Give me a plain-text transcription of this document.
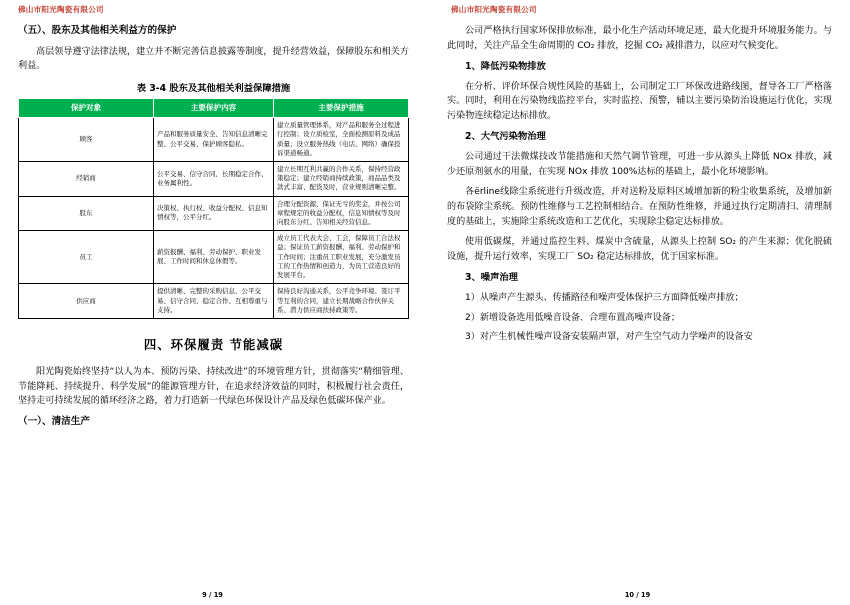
佛山市阳光陶瓷有限公司
（五）、股东及其他相关利益方的保护
高层领导遵守法律法规，建立并不断完善信息披露等制度，提升经营效益，保障股东和相关方利益。
表 3-4 股东及其他相关利益保障措施
保护对象	主要保护内容	主要保护措施
顾客	产品和服务质量安全、告知信息清晰完整、公平交易、保护顾客隐私。	建立质量管理体系，对产品和服务全过程进行控制；设立质检室，全面检测原料及成品质量；设立服务热线（电话、网络）确保投诉渠道畅通。
经销商	公平交易、信守合同、长期稳定合作、业务属利性。	建立长期互利共赢的合作关系，保持经营政策稳定；建立经销商持续政策，商品品类及款式丰富、配货及时，营业规则清晰完整。
股东	决策权、执行权、收益分配权、信息知情权等，公平分红。	合理分配资源、保证无亏的奖金，并按公司章程规定的收益分配权，信息知情权等及时向股东分红、告知相关经营信息。
员工	薪资报酬、福利、劳动保护、职业发展、工作时间和休息休假等。	成立员工代表大会、工会，保障员工合法权益；保证员工薪资报酬、福利、劳动保护和工作时间；注重员工职业发展，充分激发员工的工作热情和创造力，为员工营造良好的发展平台。
供应商	提供清晰、完整的采购信息、公平交易、信守合同、稳定合作、互相尊重与支持。	保持良好沟通关系，公平竞争环境、签订平等互利的合同，建立长期战略合作伙伴关系、潜力供应商扶持政策等。
四、环保履责 节能减碳
阳光陶瓷始终坚持“以人为本、预防污染、持续改进”的环境管理方针，贯彻落实“精细管理、节能降耗、持续提升、科学发展”的能源管理方针，在追求经济效益的同时，积极履行社会责任，坚持走可持续发展的循环经济之路，着力打造新一代绿色环保设计产品及绿色低碳环保产业。
（一）、清洁生产
9 / 19
佛山市阳光陶瓷有限公司
公司严格执行国家环保排放标准，最小化生产活动环境足迹，最大化提升环境服务能力。与此同时，关注产品全生命周期的 CO₂ 排放，挖掘 CO₂ 减排潜力，以应对气候变化。
1、降低污染物排放
在分析、评价环保合规性风险的基础上，公司制定工厂环保改进路线图，督导各工厂严格落实。同时，利用在污染物线监控平台，实时监控、预警，辅以主要污染防治设施运行优化，实现污染物连续稳定达标排放。
2、大气污染物治理
公司通过干法微煤技改节能措施和天然气调节管理，可进一步从源头上降低 NOx 排放，减少还原剂氨水的用量，在实现 NOx 排放 100%达标的基础上，最小化环境影响。
各ërline线除尘系统进行升级改造，并对送粉及原料区域增加新的粉尘收集系统，及增加新的布袋除尘系统。预防性维修与工艺控制相结合。在预防性维修，并通过执行定期清扫、清理制度的基础上，实施除尘系统改造和工艺优化，实现除尘稳定达标排放。
使用低碳煤，并通过监控生料、煤炭中含硫量，从源头上控制 SO₂ 的产生来源；优化脱硫设施，提升运行效率，实现工厂 SO₂ 稳定达标排放，优于国家标准。
3、噪声治理
1）从噪声产生源头、传播路径和噪声受体保护三方面降低噪声排放；
2）新增设备选用低噪音设备、合理布置高噪声设备；
3）对产生机械性噪声设备安装隔声罩，对产生空气动力学噪声的设备安
10 / 19
